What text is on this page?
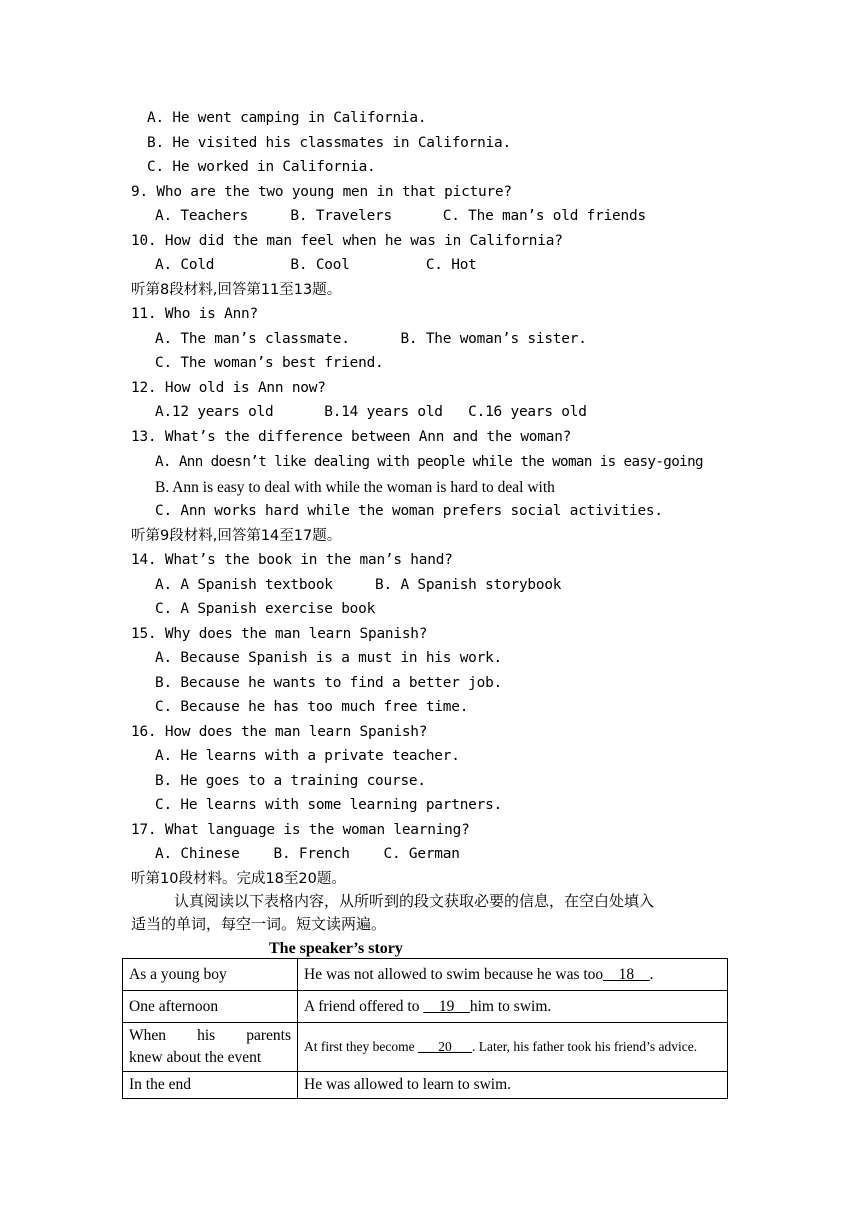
A. He went camping in California.
B. He visited his classmates in California.
C. He worked in California.
9. Who are the two young men in that picture?
A. Teachers     B. Travelers      C. The man’s old friends
10. How did the man feel when he was in California?
A. Cold         B. Cool         C. Hot
听第8段材料,回答第11至13题。
11. Who is Ann?
A. The man’s classmate.      B. The woman’s sister.
C. The woman’s best friend.
12. How old is Ann now?
A.12 years old      B.14 years old   C.16 years old
13. What’s the difference between Ann and the woman?
A. Ann doesn’t like dealing with people while the woman is easy-going
B. Ann is easy to deal with while the woman is hard to deal with
C. Ann works hard while the woman prefers social activities.
听第9段材料,回答第14至17题。
14. What’s the book in the man’s hand?
A. A Spanish textbook     B. A Spanish storybook
C. A Spanish exercise book
15. Why does the man learn Spanish?
A. Because Spanish is a must in his work.
B. Because he wants to find a better job.
C. Because he has too much free time.
16. How does the man learn Spanish?
A. He learns with a private teacher.
B. He goes to a training course.
C. He learns with some learning partners.
17. What language is the woman learning?
A. Chinese    B. French    C. German
听第10段材料。完成18至20题。
认真阅读以下表格内容，从所听到的段文获取必要的信息，在空白处填入
适当的单词，每空一词。短文读两遍。
The speaker’s story
As a young boy	He was not allowed to swim because he was too__18__.
One afternoon	A friend offered to __19__him to swim.

When his parents
knew about the event	At first they become ___20___. Later, his father took his friend’s advice.
In the end	He was allowed to learn to swim.
